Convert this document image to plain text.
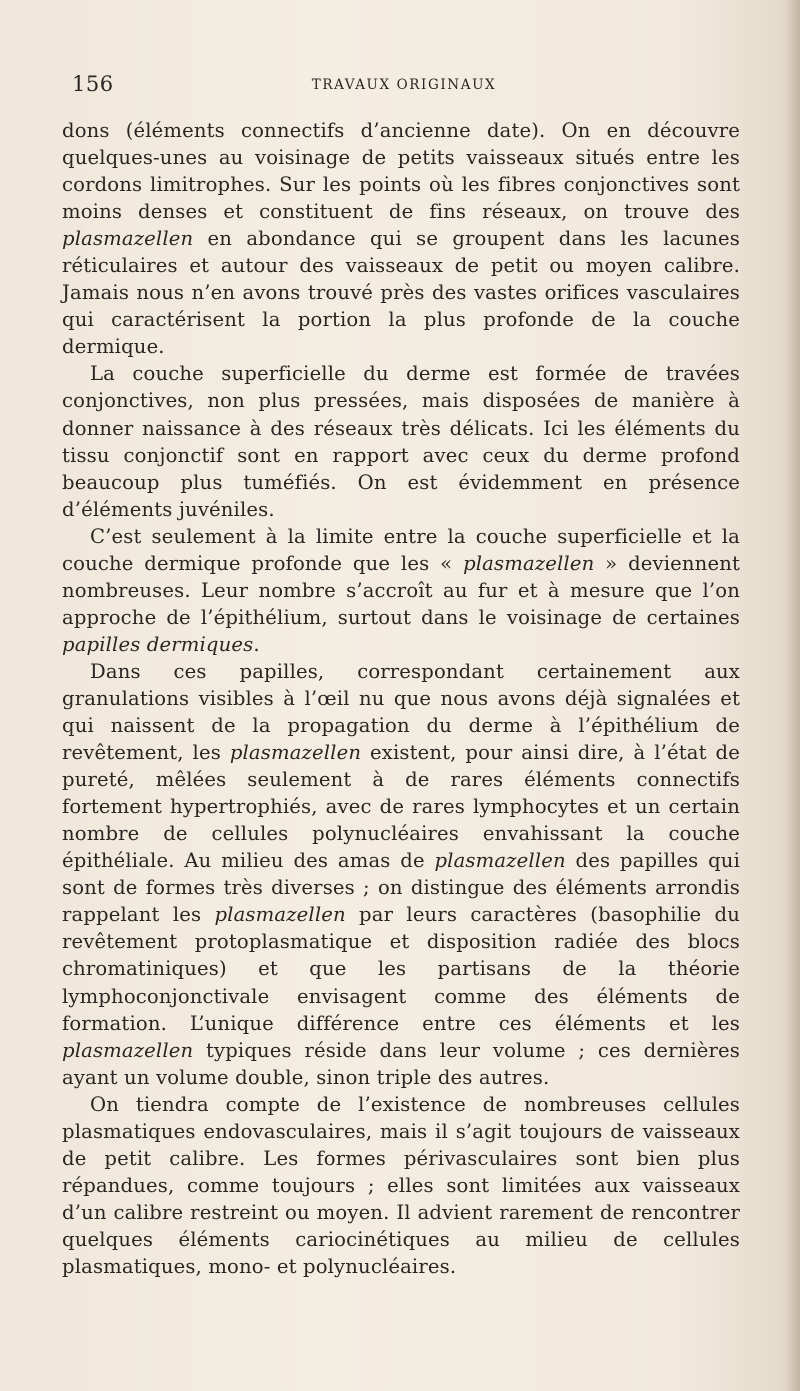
156	TRAVAUX ORIGINAUX

dons (éléments connectifs d’ancienne date). On en découvre quelques-unes au voisinage de petits vaisseaux situés entre les cordons limitrophes. Sur les points où les fibres conjonctives sont moins denses et constituent de fins réseaux, on trouve des plasmazellen en abondance qui se groupent dans les lacunes réticulaires et autour des vaisseaux de petit ou moyen calibre. Jamais nous n’en avons trouvé près des vastes orifices vasculaires qui caractérisent la portion la plus profonde de la couche dermique.

La couche superficielle du derme est formée de travées conjonctives, non plus pressées, mais disposées de manière à donner naissance à des réseaux très délicats. Ici les éléments du tissu conjonctif sont en rapport avec ceux du derme profond beaucoup plus tuméfiés. On est évidemment en présence d’éléments juvéniles.

C’est seulement à la limite entre la couche superficielle et la couche dermique profonde que les « plasmazellen » deviennent nombreuses. Leur nombre s’accroît au fur et à mesure que l’on approche de l’épithélium, surtout dans le voisinage de certaines papilles dermiques.

Dans ces papilles, correspondant certainement aux granulations visibles à l’œil nu que nous avons déjà signalées et qui naissent de la propagation du derme à l’épithélium de revêtement, les plasmazellen existent, pour ainsi dire, à l’état de pureté, mêlées seulement à de rares éléments connectifs fortement hypertrophiés, avec de rares lymphocytes et un certain nombre de cellules polynucléaires envahissant la couche épithéliale. Au milieu des amas de plasmazellen des papilles qui sont de formes très diverses ; on distingue des éléments arrondis rappelant les plasmazellen par leurs caractères (basophilie du revêtement protoplasmatique et disposition radiée des blocs chromatiniques) et que les partisans de la théorie lymphoconjonctivale envisagent comme des éléments de formation. L’unique différence entre ces éléments et les plasmazellen typiques réside dans leur volume ; ces dernières ayant un volume double, sinon triple des autres.

On tiendra compte de l’existence de nombreuses cellules plasmatiques endovasculaires, mais il s’agit toujours de vaisseaux de petit calibre. Les formes périvasculaires sont bien plus répandues, comme toujours ; elles sont limitées aux vaisseaux d’un calibre restreint ou moyen. Il advient rarement de rencontrer quelques éléments cariocinétiques au milieu de cellules plasmatiques, mono- et polynucléaires.
